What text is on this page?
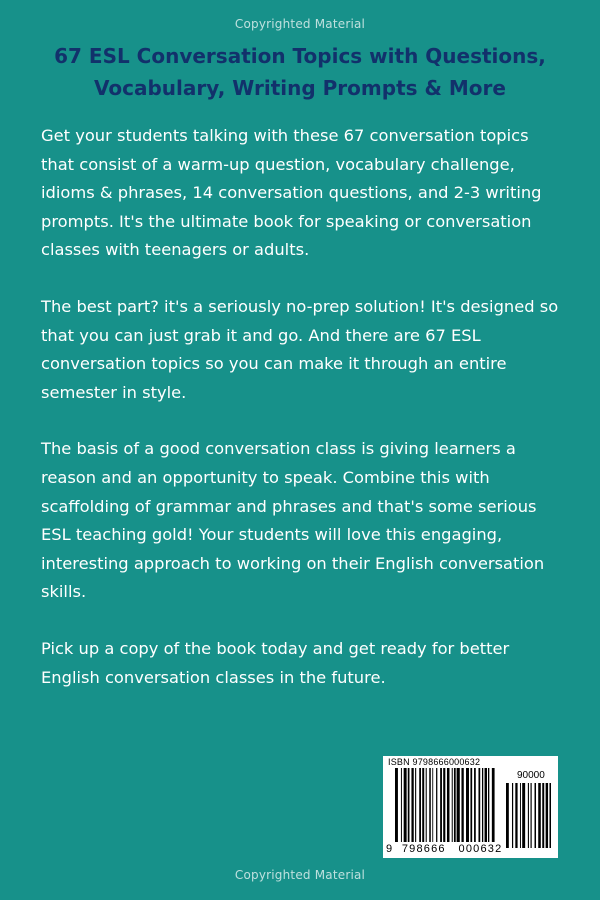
Copyrighted Material
67 ESL Conversation Topics with Questions,
Vocabulary, Writing Prompts & More

Get your students talking with these 67 conversation topics that consist of a warm-up question, vocabulary challenge, idioms & phrases, 14 conversation questions, and 2-3 writing prompts. It's the ultimate book for speaking or conversation classes with teenagers or adults.

The best part? it's a seriously no-prep solution! It's designed so that you can just grab it and go. And there are 67 ESL conversation topics so you can make it through an entire semester in style.

The basis of a good conversation class is giving learners a reason and an opportunity to speak. Combine this with scaffolding of grammar and phrases and that's some serious ESL teaching gold! Your students will love this engaging, interesting approach to working on their English conversation skills.

Pick up a copy of the book today and get ready for better English conversation classes in the future.

ISBN 9798666000632
90000
9 798666 000632
Copyrighted Material
